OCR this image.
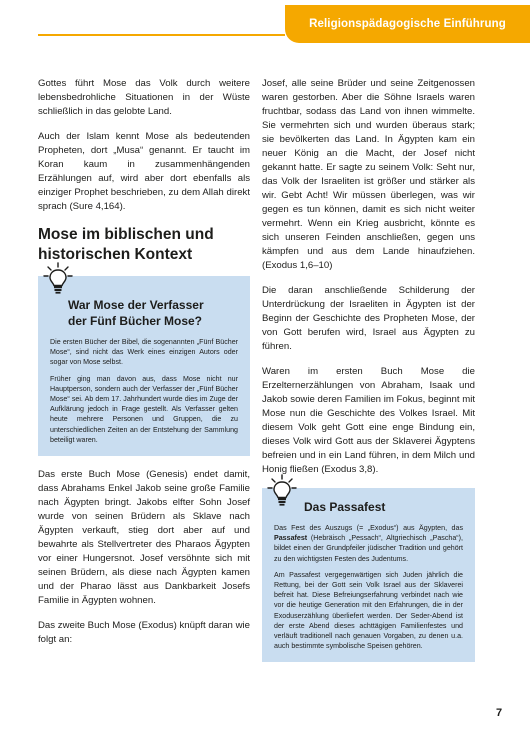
Religionspädagogische Einführung

Gottes führt Mose das Volk durch weitere lebensbedrohliche Situationen in der Wüste schließlich in das gelobte Land.

Auch der Islam kennt Mose als bedeutenden Propheten, dort „Musa“ genannt. Er taucht im Koran kaum in zusammenhängenden Erzählungen auf, wird aber dort ebenfalls als einziger Prophet beschrieben, zu dem Allah direkt sprach (Sure 4,164).

Mose im biblischen und historischen Kontext
War Mose der Verfasser
der Fünf Bücher Mose?

Die ersten Bücher der Bibel, die sogenannten „Fünf Bücher Mose“, sind nicht das Werk eines einzigen Autors oder sogar von Mose selbst.

Früher ging man davon aus, dass Mose nicht nur Hauptperson, sondern auch der Verfasser der „Fünf Bücher Mose“ sei. Ab dem 17. Jahrhundert wurde dies im Zuge der Aufklärung jedoch in Frage gestellt. Als Verfasser gelten heute mehrere Personen und Gruppen, die zu unterschiedlichen Zeiten an der Entstehung der Sammlung beteiligt waren.

Das erste Buch Mose (Genesis) endet damit, dass Abrahams Enkel Jakob seine große Familie nach Ägypten bringt. Jakobs elfter Sohn Josef wurde von seinen Brüdern als Sklave nach Ägypten verkauft, stieg dort aber auf und bewahrte als Stellvertreter des Pharaos Ägypten vor einer Hungersnot. Josef versöhnte sich mit seinen Brüdern, als diese nach Ägypten kamen und der Pharao lässt aus Dankbarkeit Josefs Familie in Ägypten wohnen.

Das zweite Buch Mose (Exodus) knüpft daran wie folgt an:

Josef, alle seine Brüder und seine Zeitgenossen waren gestorben. Aber die Söhne Israels waren fruchtbar, sodass das Land von ihnen wimmelte. Sie vermehrten sich und wurden überaus stark; sie bevölkerten das Land. In Ägypten kam ein neuer König an die Macht, der Josef nicht gekannt hatte. Er sagte zu seinem Volk: Seht nur, das Volk der Israeliten ist größer und stärker als wir. Gebt Acht! Wir müssen überlegen, was wir gegen es tun können, damit es sich nicht weiter vermehrt. Wenn ein Krieg ausbricht, könnte es sich unseren Feinden anschließen, gegen uns kämpfen und aus dem Lande hinaufziehen. (Exodus 1,6–10)

Die daran anschließende Schilderung der Unterdrückung der Israeliten in Ägypten ist der Beginn der Geschichte des Propheten Mose, der von Gott berufen wird, Israel aus Ägypten zu führen.

Waren im ersten Buch Mose die Erzelternerzählungen von Abraham, Isaak und Jakob sowie deren Familien im Fokus, beginnt mit Mose nun die Geschichte des Volkes Israel. Mit diesem Volk geht Gott eine enge Bindung ein, dieses Volk wird Gott aus der Sklaverei Ägyptens befreien und in ein Land führen, in dem Milch und Honig fließen (Exodus 3,8).

Das Passafest

Das Fest des Auszugs (= „Exodus“) aus Ägypten, das Passafest (Hebräisch „Pessach“, Altgriechisch „Pascha“), bildet einen der Grundpfeiler jüdischer Tradition und gehört zu den wichtigsten Festen des Judentums.

Am Passafest vergegenwärtigen sich Juden jährlich die Rettung, bei der Gott sein Volk Israel aus der Sklaverei befreit hat. Diese Befreiungserfahrung verbindet nach wie vor die heutige Generation mit den Erfahrungen, die in der Exoduserzählung überliefert werden. Der Seder-Abend ist der erste Abend dieses achttägigen Familienfestes und verläuft traditionell nach genauen Vorgaben, zu denen u.a. auch bestimmte symbolische Speisen gehören.

7
